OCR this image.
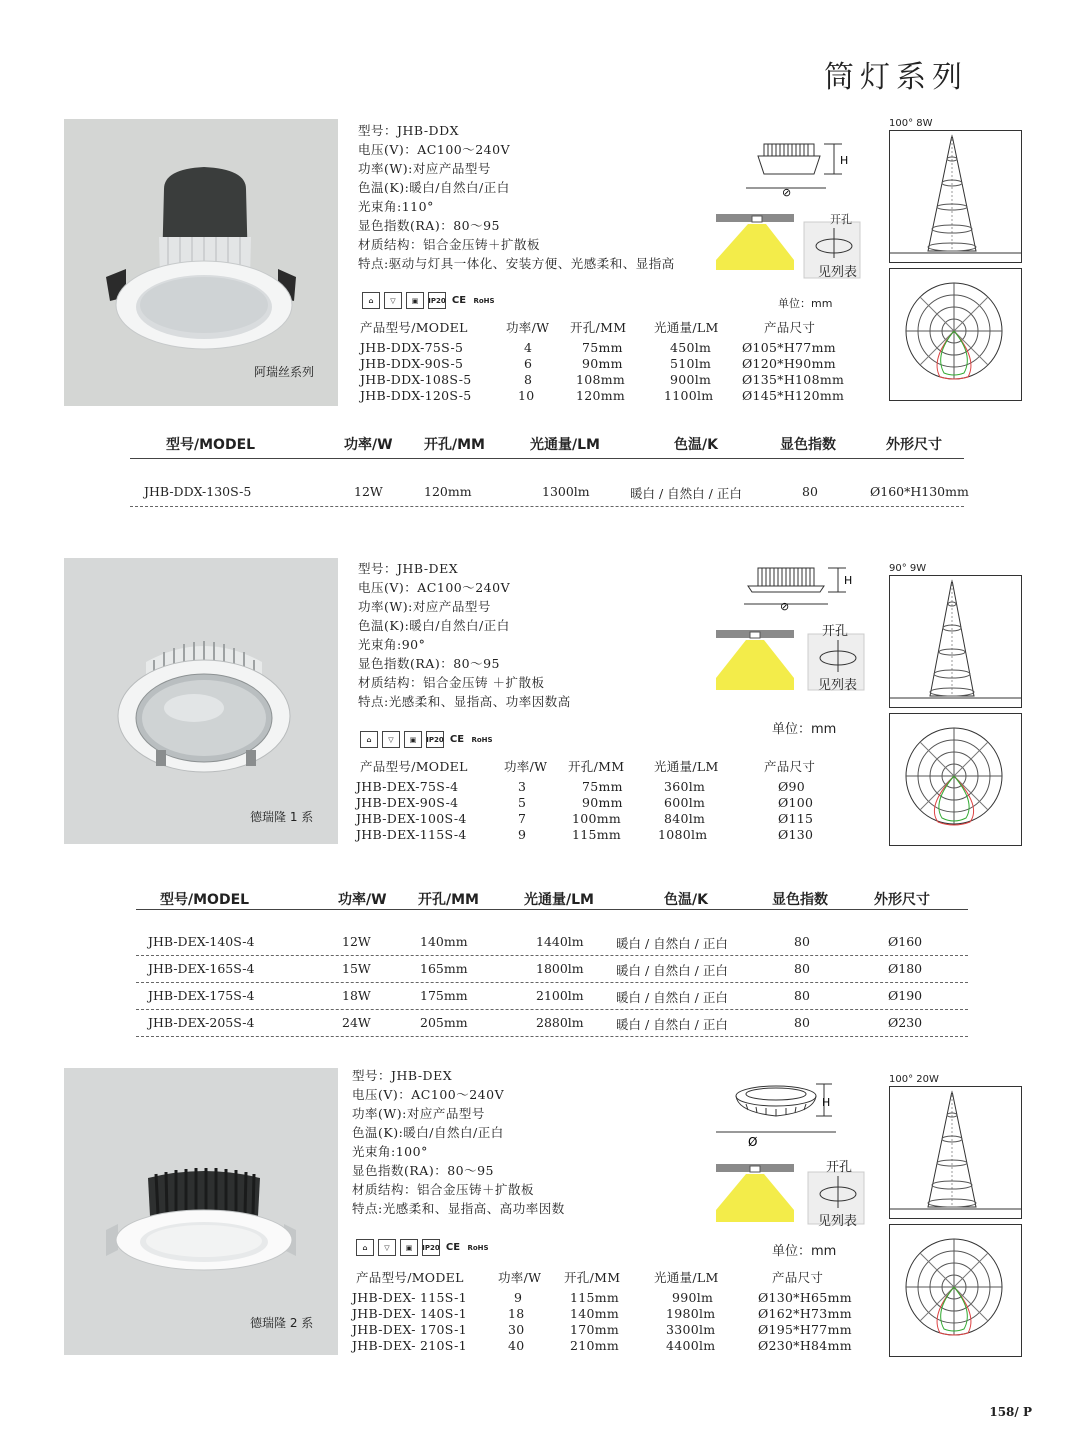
筒灯系列
阿瑞丝系列
型号：JHB-DDX
电压(V)：AC100～240V
功率(W):对应产品型号
色温(K):暖白/自然白/正白
光束角:110°
显色指数(RA)：80～95
材质结构：铝合金压铸＋扩散板
特点:驱动与灯具一体化、安装方便、光感柔和、显指高
⌂	▽	▣	IP20 CE RoHS
⊘
H
开孔
见列表
单位：mm
100° 8W
产品型号/MODEL	功率/W 开孔/MM 光通量/LM	产品尺寸
JHB-DDX-75S-5	4	75mm	450lm Ø105*H77mm
JHB-DDX-90S-5	6	90mm	510lm Ø120*H90mm
JHB-DDX-108S-5	8	108mm	900lm Ø135*H108mm
JHB-DDX-120S-5	10	120mm	1100lm Ø145*H120mm
型号/MODEL	功率/W 开孔/MM	光通量/LM	色温/K	显色指数	外形尺寸
JHB-DDX-130S-5	12W	120mm	1300lm	暖白 / 自然白 / 正白	80	Ø160*H130mm
德瑞隆 1 系
型号：JHB-DEX
电压(V)：AC100～240V
功率(W):对应产品型号
色温(K):暖白/自然白/正白
光束角:90°
显色指数(RA)：80～95
材质结构：铝合金压铸 ＋扩散板
特点:光感柔和、显指高、功率因数高
⌂	▽	▣	IP20 CE RoHS
⊘
H
开孔
见列表
单位：mm
90° 9W
产品型号/MODEL	功率/W 开孔/MM 光通量/LM	产品尺寸
JHB-DEX-75S-4	3	75mm	360lm	Ø90
JHB-DEX-90S-4	5	90mm	600lm	Ø100
JHB-DEX-100S-4	7	100mm	840lm	Ø115
JHB-DEX-115S-4	9	115mm	1080lm	Ø130
型号/MODEL	功率/W 开孔/MM	光通量/LM	色温/K	显色指数	外形尺寸
JHB-DEX-140S-4	12W	140mm	1440lm	暖白 / 自然白 / 正白	80	Ø160
JHB-DEX-165S-4	15W	165mm	1800lm	暖白 / 自然白 / 正白	80	Ø180
JHB-DEX-175S-4	18W	175mm	2100lm	暖白 / 自然白 / 正白	80	Ø190
JHB-DEX-205S-4	24W	205mm	2880lm	暖白 / 自然白 / 正白	80	Ø230
德瑞隆 2 系
型号：JHB-DEX
电压(V)：AC100～240V
功率(W):对应产品型号
色温(K):暖白/自然白/正白
光束角:100°
显色指数(RA)：80～95
材质结构：铝合金压铸＋扩散板
特点:光感柔和、显指高、高功率因数
⌂	▽	▣	IP20 CE RoHS
Ø
H
开孔
见列表
单位：mm
100° 20W
产品型号/MODEL	功率/W 开孔/MM	光通量/LM	产品尺寸
JHB-DEX- 115S-1	9	115mm	990lm	Ø130*H65mm
JHB-DEX- 140S-1	18	140mm	1980lm	Ø162*H73mm
JHB-DEX- 170S-1	30	170mm	3300lm	Ø195*H77mm
JHB-DEX- 210S-1	40	210mm	4400lm	Ø230*H84mm
158/ P
